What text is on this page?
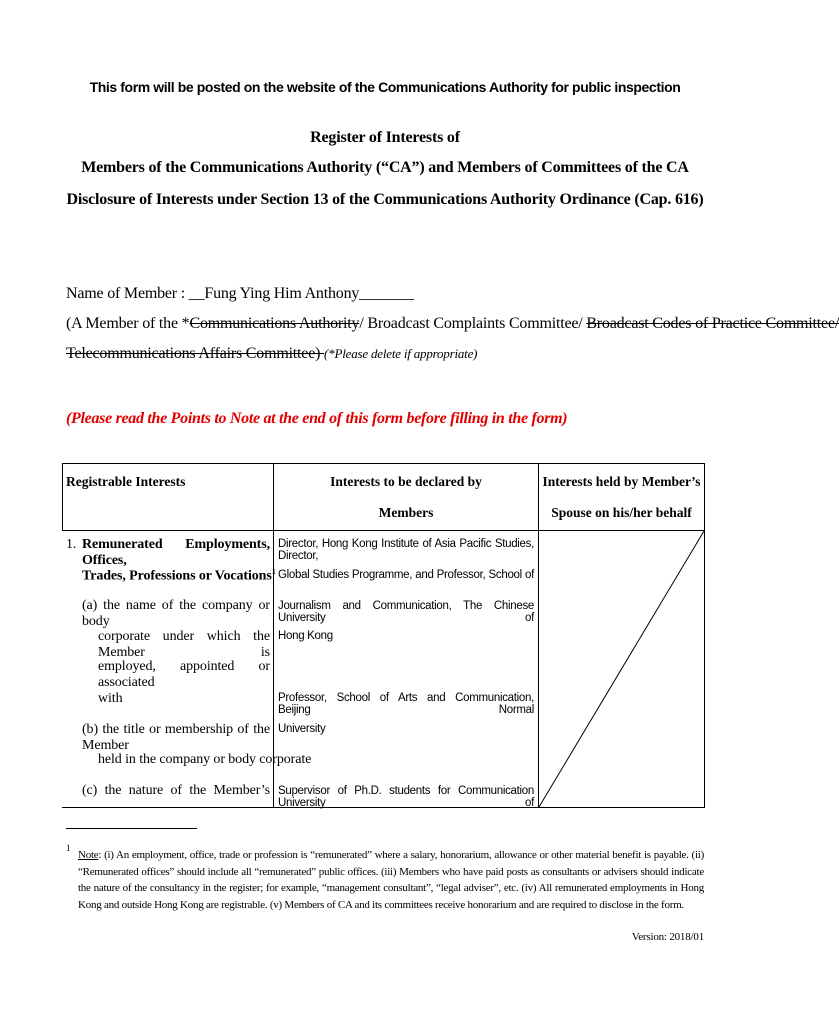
This form will be posted on the website of the Communications Authority for public inspection
Register of Interests of
Members of the Communications Authority (“CA”) and Members of Committees of the CA
Disclosure of Interests under Section 13 of the Communications Authority Ordinance (Cap. 616)
Name of Member : __Fung Ying Him Anthony_______
(A Member of the *Communications Authority/ Broadcast Complaints Committee/ Broadcast Codes of Practice Committee/
Telecommunications Affairs Committee) (*Please delete if appropriate)
(Please read the Points to Note at the end of this form before filling in the form)
Registrable Interests	Interests to be declared by
Members
Interests held by Member’s
Spouse on his/her behalf
1. Remunerated Employments, Offices,
Trades, Professions or Vocations$^1$
(a) the name of the company or body
corporate under which the Member is
employed, appointed or associated
with
(b) the title or membership of the Member
held in the company or body corporate
(c) the nature of the Member’s
Director, Hong Kong Institute of Asia Pacific Studies, Director,
Global Studies Programme, and Professor, School of
Journalism and Communication, The Chinese University of
Hong Kong
Professor, School of Arts and Communication, Beijing Normal
University
Supervisor of Ph.D. students for Communication University of
1
Note: (i) An employment, office, trade or profession is “remunerated” where a salary, honorarium, allowance or other material benefit is payable. (ii) “Remunerated offices” should include all “remunerated” public offices. (iii) Members who have paid posts as consultants or advisers should indicate the nature of the consultancy in the register; for example, “management consultant”, “legal adviser”, etc. (iv) All remunerated employments in Hong Kong and outside Hong Kong are registrable. (v) Members of CA and its committees receive honorarium and are required to disclose in the form.
Version: 2018/01
